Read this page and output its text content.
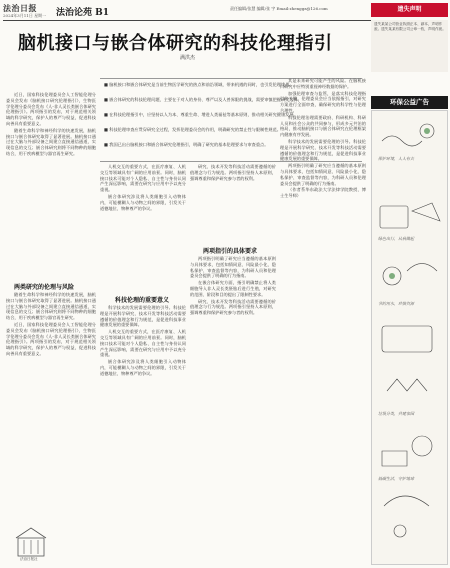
法治日报
2024年3月11日 星期一 法治论苑 B1	责任编辑/张慧 编辑/张 宇 Email:zhenggz@126.com
脑机接口与嵌合体研究的科技伦理指引
满洪杰
■ 脑机接口和嵌合体研究是当前生物医学研究的热点和前沿领域，带来机遇的同时，也引发伦理挑战。
■ 嵌合体研究的科技伦理问题，主要在于对人的身份、尊严以及人兽界限的挑战，需要审慎把握研究边界，
■ 在科技伦理指引中，应坚持以人为本、尊重生命、增进人类福祉等基本原则，推动相关研究健康发展。
■ 科技伦理审查应贯穿研究全过程，发挥伦理委员会的作用，明确研究的禁止性与限制性规范。
■ 我国已出台脑机接口和嵌合体研究伦理指引，明确了研究的基本伦理要求与审查重点。

近日，国家科技伦理委员会人工智能伦理分委员会发布《脑机接口研究伦理指引》，生物医学伦理分委员会发布《人-非人灵长类嵌合体研究伦理指引》。两项指引的发布，对于规范相关领域的科学研究，保护人的尊严与权益，促进科技向善具有重要意义。

随着生命科学和神经科学的快速发展，脑机接口与嵌合体研究取得了显著进展。脑机接口通过在大脑与外部设备之间建立直接通信通道，实现信息的交互；嵌合体研究则将不同物种的细胞结合，用于疾病模型与器官再生研究。

两类研究的伦理与风险

随着生命科学和神经科学的快速发展，脑机接口与嵌合体研究取得了显著进展。脑机接口通过在大脑与外部设备之间建立直接通信通道，实现信息的交互；嵌合体研究则将不同物种的细胞结合，用于疾病模型与器官再生研究。

近日，国家科技伦理委员会人工智能伦理分委员会发布《脑机接口研究伦理指引》，生物医学伦理分委员会发布《人-非人灵长类嵌合体研究伦理指引》。两项指引的发布，对于规范相关领域的科学研究，保护人的尊严与权益，促进科技向善具有重要意义。

人机交互的重要方式，在医疗康复、人机交互等领域具有广阔的应用前景。同时，脑机接口技术可能对个人隐私、自主性与身份认同产生深远影响，需要在研究与应用中予以充分重视。

嵌合体研究涉及将人类细胞引入动物体内，可能模糊人与动物之间的界限，引发关于道德地位、物种尊严的争议。

科技伦理的重要意义

科学技术的发展需要伦理的引导。科技伦理是开展科学研究、技术开发等科技活动需要遵循的价值理念和行为规范，是促进科技事业健康发展的重要保障。

人机交互的重要方式，在医疗康复、人机交互等领域具有广阔的应用前景。同时，脑机接口技术可能对个人隐私、自主性与身份认同产生深远影响，需要在研究与应用中予以充分重视。

嵌合体研究涉及将人类细胞引入动物体内，可能模糊人与动物之间的界限，引发关于道德地位、物种尊严的争议。

研究、技术开发等科技活动需要遵循的价值理念与行为规范。两项指引坚持人本原则，强调尊重和保护研究参与者的权利。

两项指引的具体要求

两项指引明确了研究应当遵循的基本原则与具体要求，包括知情同意、风险最小化、隐私保护、审查监督等内容，为科研人员和伦理委员会提供了明确的行为指南。

在嵌合体研究方面，指引明确禁止将人类细胞导入非人灵长类胚胎后进行生殖，对研究的范围、阶段和目的提出了限制性要求。

研究、技术开发等科技活动需要遵循的价值理念与行为规范。两项指引坚持人本原则，强调尊重和保护研究参与者的权利。

其是未来研究可能产生的风险。在脑机接口研究中应特别重视神经数据的保护。

加强伦理审查与监管，是落实科技伦理指引的关键。伦理委员会应当依据指引，对研究方案进行全面审查，确保研究的科学性与伦理合理性。

科技伦理治理需要政府、科研机构、科研人员和社会公众的共同参与，形成多元共治的格局，推动脑机接口与嵌合体研究在伦理框架内健康有序发展。

科学技术的发展需要伦理的引导。科技伦理是开展科学研究、技术开发等科技活动需要遵循的价值理念和行为规范，是促进科技事业健康发展的重要保障。

两项指引明确了研究应当遵循的基本原则与具体要求，包括知情同意、风险最小化、隐私保护、审查监督等内容，为科研人员和伦理委员会提供了明确的行为指南。

（作者系华东政法大学法律学院教授、博士生导师）

遗失声明
遗失某某公司营业执照正本、副本，声明作废。遗失某某有限公司公章一枚，声明作废。
环保公益广告
保护环境，人人有责
绿色出行，从我做起
节约用水，珍惜资源
垃圾分类，共建家园
低碳生活，守护地球
法治日报社
